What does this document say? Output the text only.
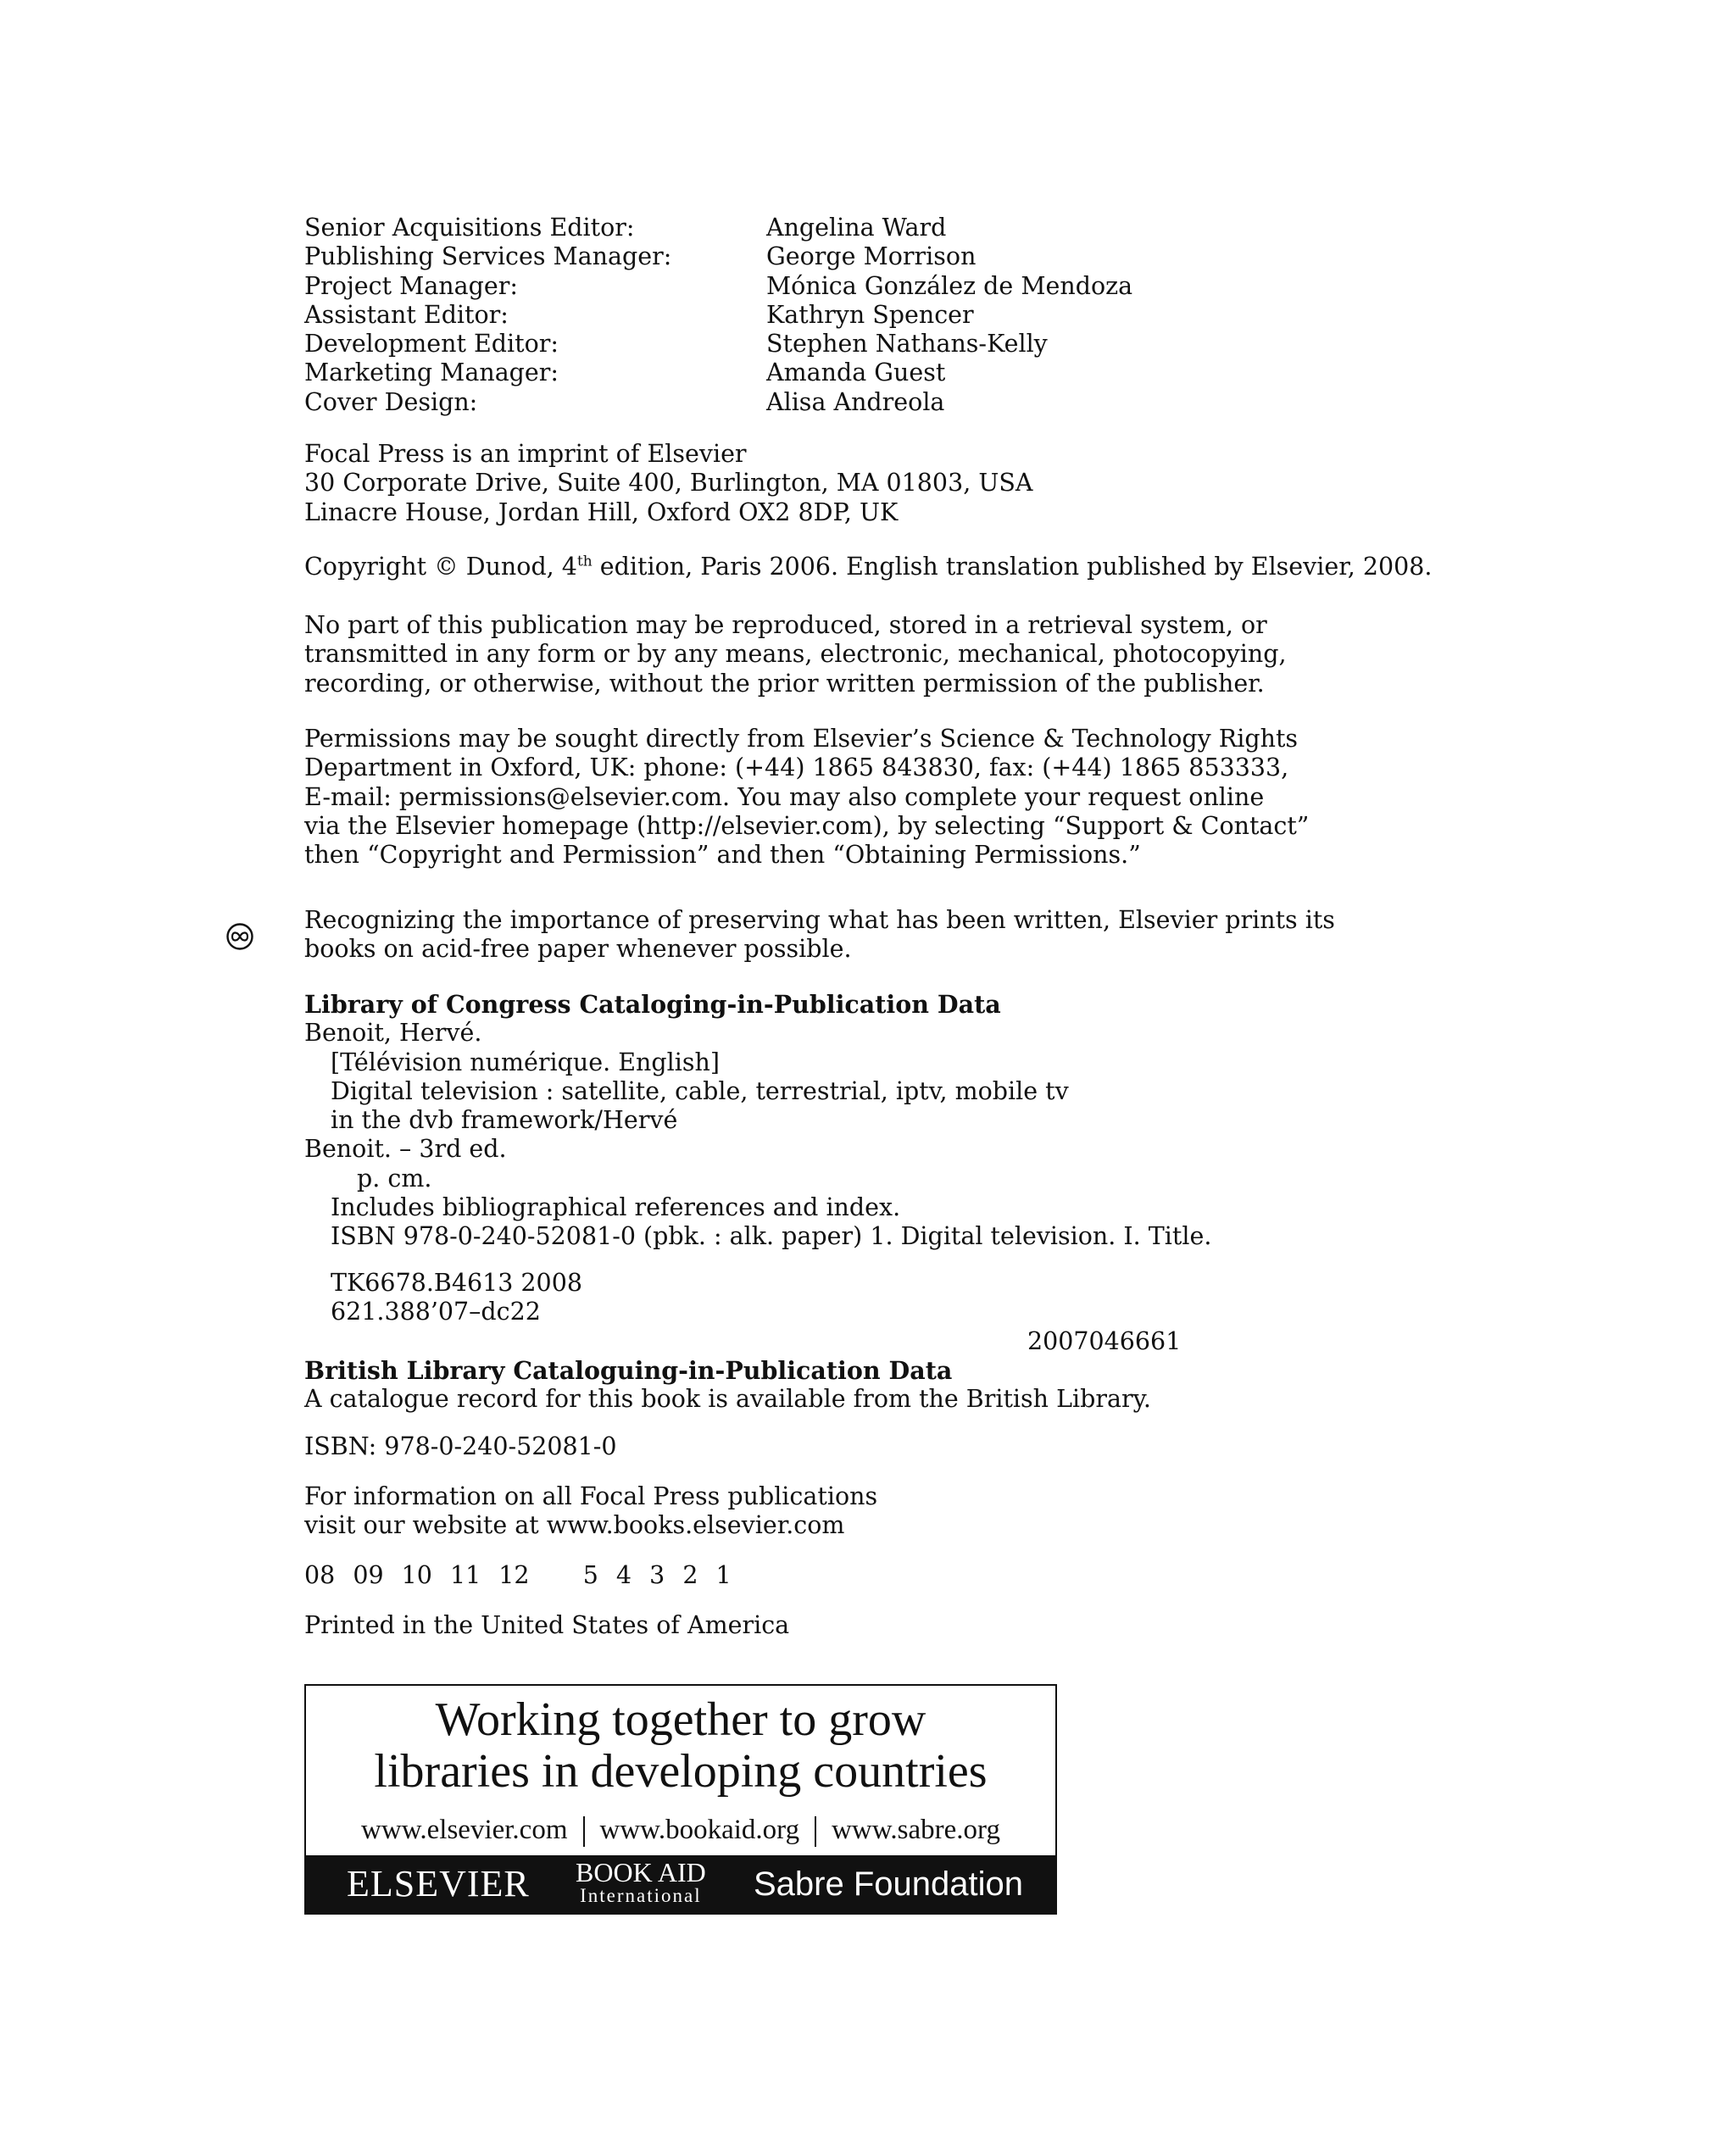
Senior Acquisitions Editor:	Angelina Ward
Publishing Services Manager:	George Morrison
Project Manager:	Mónica González de Mendoza
Assistant Editor:	Kathryn Spencer
Development Editor:	Stephen Nathans-Kelly
Marketing Manager:	Amanda Guest
Cover Design:	Alisa Andreola

Focal Press is an imprint of Elsevier

30 Corporate Drive, Suite 400, Burlington, MA 01803, USA

Linacre House, Jordan Hill, Oxford OX2 8DP, UK

Copyright © Dunod, 4th edition, Paris 2006. English translation published by Elsevier, 2008.

No part of this publication may be reproduced, stored in a retrieval system, or

transmitted in any form or by any means, electronic, mechanical, photocopying,

recording, or otherwise, without the prior written permission of the publisher.

Permissions may be sought directly from Elsevier’s Science & Technology Rights

Department in Oxford, UK: phone: (+44) 1865 843830, fax: (+44) 1865 853333,

E-mail: permissions@elsevier.com. You may also complete your request online

via the Elsevier homepage (http://elsevier.com), by selecting “Support & Contact”

then “Copyright and Permission” and then “Obtaining Permissions.”

Recognizing the importance of preserving what has been written, Elsevier prints its

books on acid-free paper whenever possible.

Library of Congress Cataloging-in-Publication Data

Benoit, Hervé.

[Télévision numérique. English]

Digital television : satellite, cable, terrestrial, iptv, mobile tv

in the dvb framework/Hervé

Benoit. – 3rd ed.

p. cm.

Includes bibliographical references and index.

ISBN 978-0-240-52081-0 (pbk. : alk. paper) 1. Digital television. I. Title.

TK6678.B4613 2008

621.388’07–dc22

2007046661

British Library Cataloguing-in-Publication Data

A catalogue record for this book is available from the British Library.

ISBN: 978-0-240-52081-0

For information on all Focal Press publications

visit our website at www.books.elsevier.com

08 09 10 11 12   5 4 3 2 1

Printed in the United States of America

Working together to grow
libraries in developing countries
www.elsevier.com www.bookaid.org www.sabre.org
ELSEVIER BOOK AID
International Sabre Foundation
